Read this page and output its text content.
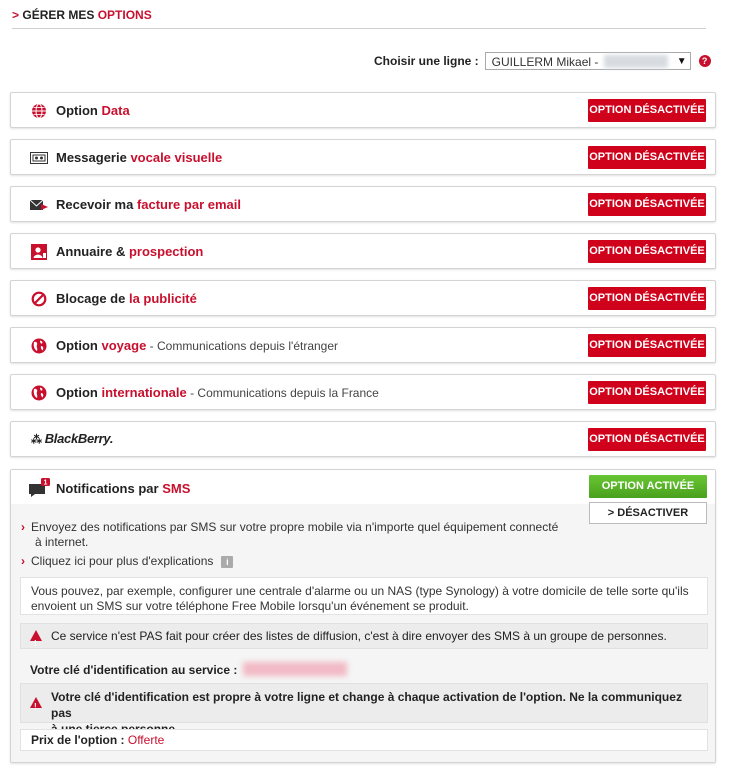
> GÉRER MES OPTIONS
Choisir une ligne :	GUILLERM Mikael -	▼	?
Option Data	OPTION DÉSACTIVÉE
Messagerie vocale visuelle	OPTION DÉSACTIVÉE
Recevoir ma facture par email	OPTION DÉSACTIVÉE
Annuaire & prospection	OPTION DÉSACTIVÉE
Blocage de la publicité	OPTION DÉSACTIVÉE
Option voyage - Communications depuis l'étranger	OPTION DÉSACTIVÉE
Option internationale - Communications depuis la France	OPTION DÉSACTIVÉE
⁂ BlackBerry.	OPTION DÉSACTIVÉE
1 Notifications par SMS	OPTION ACTIVÉE
> DÉSACTIVER
› Envoyez des notifications par SMS sur votre propre mobile via n'importe quel équipement connecté
à internet.
› Cliquez ici pour plus d'explications i
Vous pouvez, par exemple, configurer une centrale d'alarme ou un NAS (type Synology) à votre domicile de telle sorte qu'ils
envoient un SMS sur votre téléphone Free Mobile lorsqu'un événement se produit.
!
Ce service n'est PAS fait pour créer des listes de diffusion, c'est à dire envoyer des SMS à un groupe de personnes.
Votre clé d'identification au service :
!
Votre clé d'identification est propre à votre ligne et change à chaque activation de l'option. Ne la communiquez pas

Prix de l'option : Offerte
